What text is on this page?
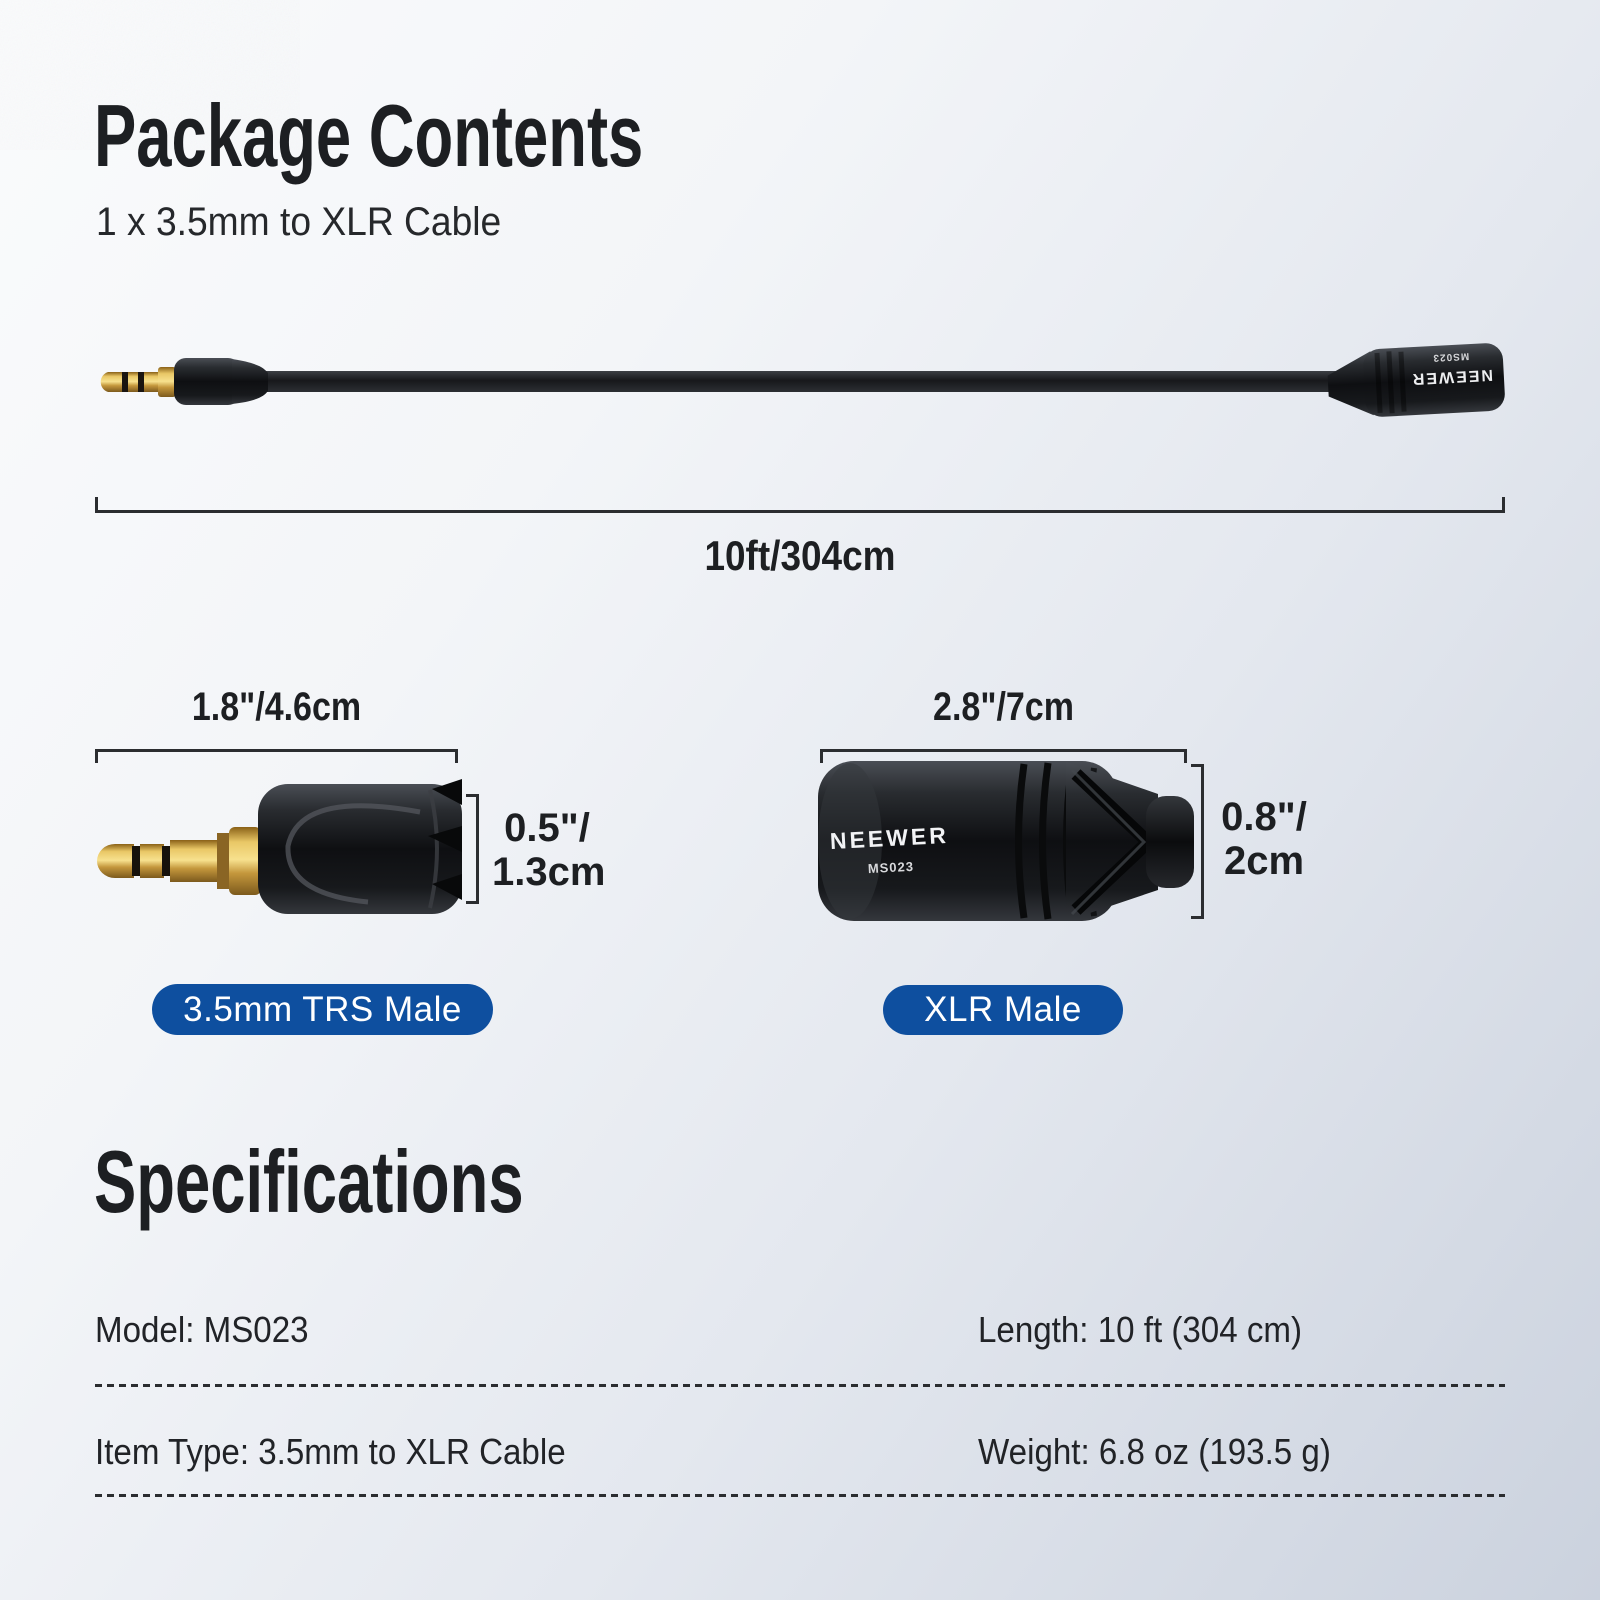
Package Contents
1 x 3.5mm to XLR Cable
NEEWER
MS023
NEEWER
MS023
10ft/304cm
1.8"/4.6cm
0.5"/
1.3cm
3.5mm TRS Male
2.8"/7cm
0.8"/
2cm
XLR Male
Specifications
Model: MS023	Length: 10 ft (304 cm)
Item Type: 3.5mm to XLR Cable	Weight: 6.8 oz (193.5 g)
